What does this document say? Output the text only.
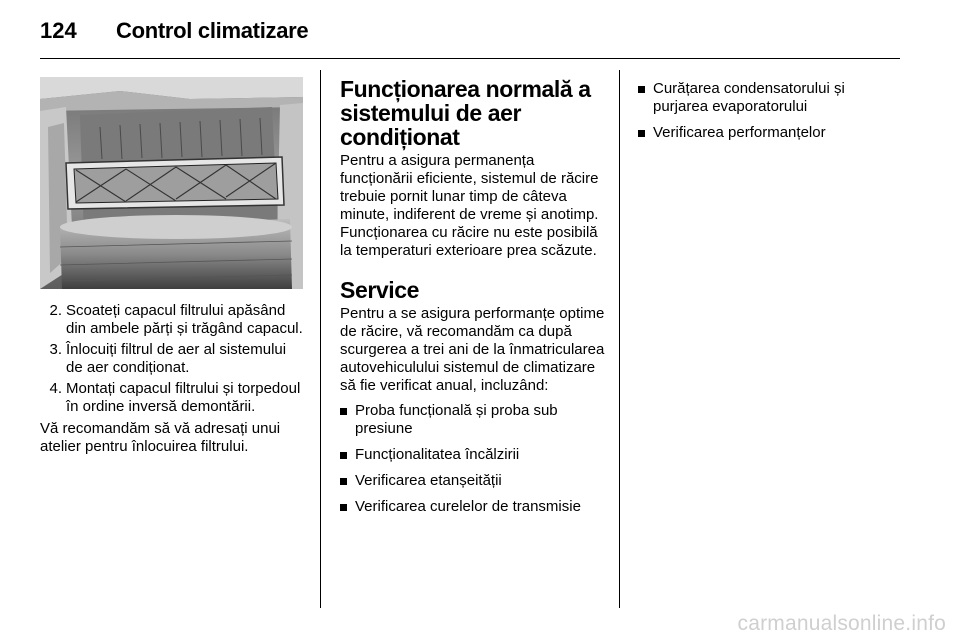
124 Control climatizare
2. Scoateți capacul filtrului apăsând din ambele părți și trăgând capacul.
3. Înlocuiți filtrul de aer al sistemului de aer condiționat.
4. Montați capacul filtrului și torpedoul în ordine inversă demontării.

Vă recomandăm să vă adresați unui atelier pentru înlocuirea filtrului.

Funcționarea normală a sistemului de aer condiționat

Pentru a asigura permanența funcționării eficiente, sistemul de răcire trebuie pornit lunar timp de câteva minute, indiferent de vreme și anotimp. Funcționarea cu răcire nu este posibilă la temperaturi exterioare prea scăzute.

Service

Pentru a se asigura performanțe optime de răcire, vă recomandăm ca după scurgerea a trei ani de la înmatricularea autovehiculului sistemul de climatizare să fie verificat anual, incluzând:

Proba funcțională și proba sub presiune
Funcționalitatea încălzirii
Verificarea etanșeității
Verificarea curelelor de transmisie
Curățarea condensatorului și purjarea evaporatorului
Verificarea performanțelor
carmanualsonline.info
